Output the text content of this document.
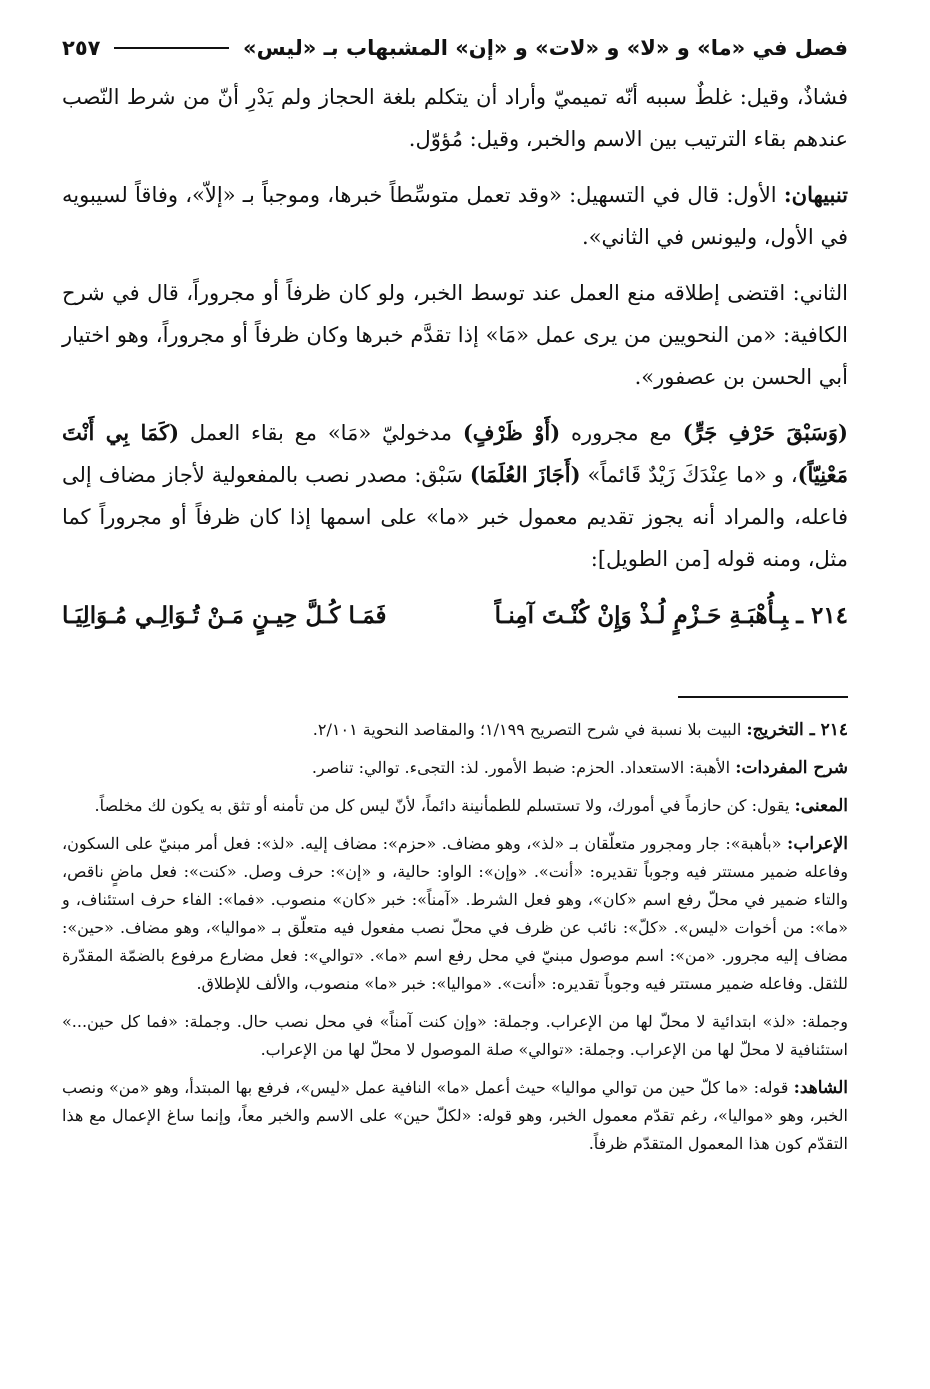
فصل في «ما» و «لا» و «لات» و «إن» المشبهاب بـ «ليس»
٢٥٧

فشاذٌ، وقيل: غلطٌ سببه أنّه تميميّ وأراد أن يتكلم بلغة الحجاز ولم يَدْرِ أنّ من شرط النّصب عندهم بقاء الترتيب بين الاسم والخبر، وقيل: مُؤوّل.

تنبيهان: الأول: قال في التسهيل: «وقد تعمل متوسِّطاً خبرها، وموجباً بـ «إلاّ»، وفاقاً لسيبويه في الأول، وليونس في الثاني».

الثاني: اقتضى إطلاقه منع العمل عند توسط الخبر، ولو كان ظرفاً أو مجروراً، قال في شرح الكافية: «من النحويين من يرى عمل «مَا» إذا تقدَّم خبرها وكان ظرفاً أو مجروراً، وهو اختيار أبي الحسن بن عصفور».

(وَسَبْقَ حَرْفِ جَرٍّ) مع مجروره (أَوْ ظَرْفٍ) مدخوليّ «مَا» مع بقاء العمل (كَمَا بِي أَنْتَ مَعْنِيّاً)، و «ما عِنْدَكَ زَيْدٌ قَائماً» (أَجَازَ العُلَمَا) سَبْق: مصدر نصب بالمفعولية لأجاز مضاف إلى فاعله، والمراد أنه يجوز تقديم معمول خبر «ما» على اسمها إذا كان ظرفاً أو مجروراً كما مثل، ومنه قوله [من الطويل]:

٢١٤ ـبِـأُهْبَـةِ حَـزْمٍ لُـذْ وَإِنْ كُنْـتَ آمِنـاً
فَمَـا كُـلَّ حِيـنٍ مَـنْ تُـوَالِـي مُـوَالِيَـا

٢١٤ ـ التخريج: البيت بلا نسبة في شرح التصريح ١/١٩٩؛ والمقاصد النحوية ٢/١٠١.

شرح المفردات: الأهبة: الاستعداد. الحزم: ضبط الأمور. لذ: التجىء. توالي: تناصر.

المعنى: يقول: كن حازماً في أمورك، ولا تستسلم للطمأنينة دائماً، لأنّ ليس كل من تأمنه أو تثق به يكون لك مخلصاً.

الإعراب: «بأهبة»: جار ومجرور متعلّقان بـ «لذ»، وهو مضاف. «حزم»: مضاف إليه. «لذ»: فعل أمر مبنيّ على السكون، وفاعله ضمير مستتر فيه وجوباً تقديره: «أنت». «وإن»: الواو: حالية، و «إن»: حرف وصل. «كنت»: فعل ماضٍ ناقص، والتاء ضمير في محلّ رفع اسم «كان»، وهو فعل الشرط. «آمناً»: خبر «كان» منصوب. «فما»: الفاء حرف استئناف، و «ما»: من أخوات «ليس». «كلّ»: نائب عن ظرف في محلّ نصب مفعول فيه متعلّق بـ «مواليا»، وهو مضاف. «حين»: مضاف إليه مجرور. «من»: اسم موصول مبنيّ في محل رفع اسم «ما». «توالي»: فعل مضارع مرفوع بالضمّة المقدّرة للثقل. وفاعله ضمير مستتر فيه وجوباً تقديره: «أنت». «مواليا»: خبر «ما» منصوب، والألف للإطلاق.

وجملة: «لذ» ابتدائية لا محلّ لها من الإعراب. وجملة: «وإن كنت آمناً» في محل نصب حال. وجملة: «فما كل حين...» استئنافية لا محلّ لها من الإعراب. وجملة: «توالي» صلة الموصول لا محلّ لها من الإعراب.

الشاهد: قوله: «ما كلّ حين من توالي مواليا» حيث أعمل «ما» النافية عمل «ليس»، فرفع بها المبتدأ، وهو «من» ونصب الخبر، وهو «مواليا»، رغم تقدّم معمول الخبر، وهو قوله: «لكلّ حين» على الاسم والخبر معاً، وإنما ساغ الإعمال مع هذا التقدّم كون هذا المعمول المتقدّم ظرفاً.
